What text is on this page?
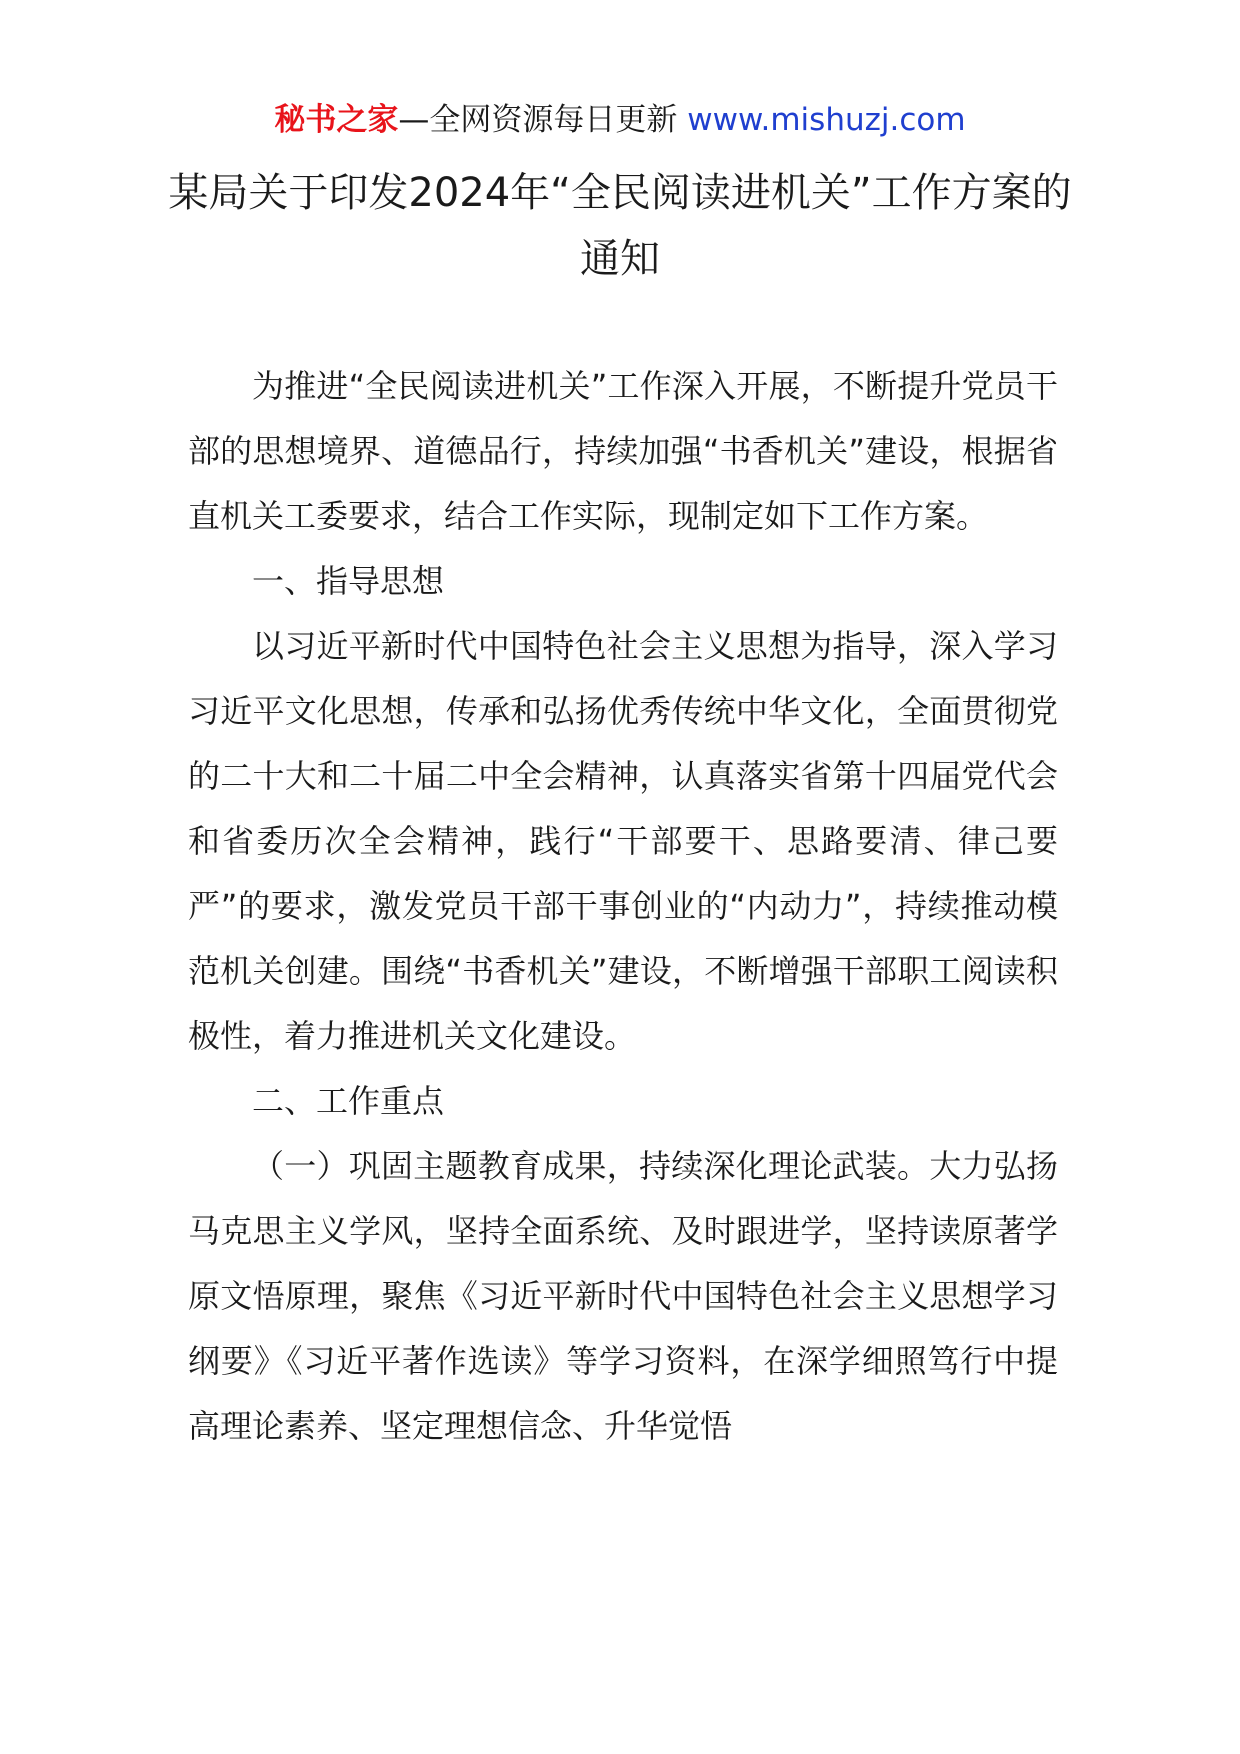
秘书之家—全网资源每日更新 www.mishuzj.com
某局关于印发2024年“全民阅读进机关”工作方案的通知

为推进“全民阅读进机关”工作深入开展，不断提升党员干部的思想境界、道德品行，持续加强“书香机关”建设，根据省直机关工委要求，结合工作实际，现制定如下工作方案。

一、指导思想

以习近平新时代中国特色社会主义思想为指导，深入学习习近平文化思想，传承和弘扬优秀传统中华文化，全面贯彻党的二十大和二十届二中全会精神，认真落实省第十四届党代会和省委历次全会精神，践行“干部要干、思路要清、律己要严”的要求，激发党员干部干事创业的“内动力”，持续推动模范机关创建。围绕“书香机关”建设，不断增强干部职工阅读积极性，着力推进机关文化建设。

二、工作重点

（一）巩固主题教育成果，持续深化理论武装。大力弘扬马克思主义学风，坚持全面系统、及时跟进学，坚持读原著学原文悟原理，聚焦《习近平新时代中国特色社会主义思想学习纲要》《习近平著作选读》等学习资料，在深学细照笃行中提高理论素养、坚定理想信念、升华觉悟
